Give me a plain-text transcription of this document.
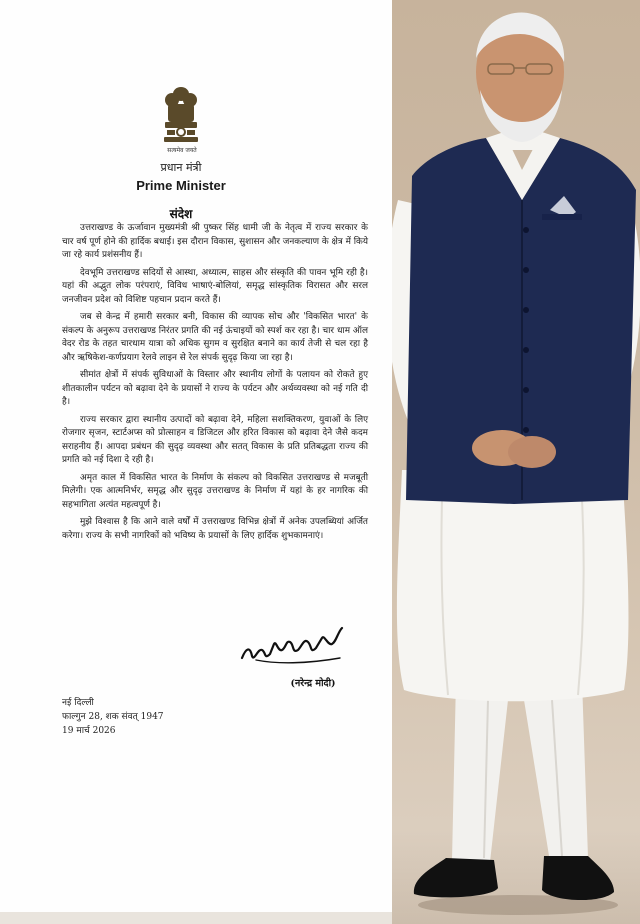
सत्यमेव जयते
प्रधान मंत्री
Prime Minister
संदेश

उत्तराखण्ड के ऊर्जावान मुख्यमंत्री श्री पुष्कर सिंह धामी जी के नेतृत्व में राज्य सरकार के चार वर्ष पूर्ण होने की हार्दिक बधाई। इस दौरान विकास, सुशासन और जनकल्याण के क्षेत्र में किये जा रहे कार्य प्रशंसनीय हैं।

देवभूमि उत्तराखण्ड सदियों से आस्था, अध्यात्म, साहस और संस्कृति की पावन भूमि रही है। यहां की अद्भुत लोक परंपराएं, विविध भाषाएं-बोलियां, समृद्ध सांस्कृतिक विरासत और सरल जनजीवन प्रदेश को विशिष्ट पहचान प्रदान करते हैं।

जब से केन्द्र में हमारी सरकार बनी, विकास की व्यापक सोच और 'विकसित भारत' के संकल्प के अनुरूप उत्तराखण्ड निरंतर प्रगति की नई ऊंचाइयों को स्पर्श कर रहा है। चार धाम ऑल वेदर रोड के तहत चारधाम यात्रा को अधिक सुगम व सुरक्षित बनाने का कार्य तेजी से चल रहा है और ऋषिकेश-कर्णप्रयाग रेलवे लाइन से रेल संपर्क सुदृढ़ किया जा रहा है।

सीमांत क्षेत्रों में संपर्क सुविधाओं के विस्तार और स्थानीय लोगों के पलायन को रोकते हुए शीतकालीन पर्यटन को बढ़ावा देने के प्रयासों ने राज्य के पर्यटन और अर्थव्यवस्था को नई गति दी है।

राज्य सरकार द्वारा स्थानीय उत्पादों को बढ़ावा देने, महिला सशक्तिकरण, युवाओं के लिए रोजगार सृजन, स्टार्टअप्स को प्रोत्साहन व डिजिटल और हरित विकास को बढ़ावा देने जैसे कदम सराहनीय हैं। आपदा प्रबंधन की सुदृढ़ व्यवस्था और सतत् विकास के प्रति प्रतिबद्धता राज्य की प्रगति को नई दिशा दे रही है।

अमृत काल में विकसित भारत के निर्माण के संकल्प को विकसित उत्तराखण्ड से मजबूती मिलेगी। एक आत्मनिर्भर, समृद्ध और सुदृढ़ उत्तराखण्ड के निर्माण में यहां के हर नागरिक की सहभागिता अत्यंत महत्वपूर्ण है।

मुझे विश्वास है कि आने वाले वर्षों में उत्तराखण्ड विभिन्न क्षेत्रों में अनेक उपलब्धियां अर्जित करेगा। राज्य के सभी नागरिकों को भविष्य के प्रयासों के लिए हार्दिक शुभकामनाएं।

(नरेन्द्र मोदी)
नई दिल्ली
फाल्गुन 28, शक संवत् 1947
19 मार्च 2026
